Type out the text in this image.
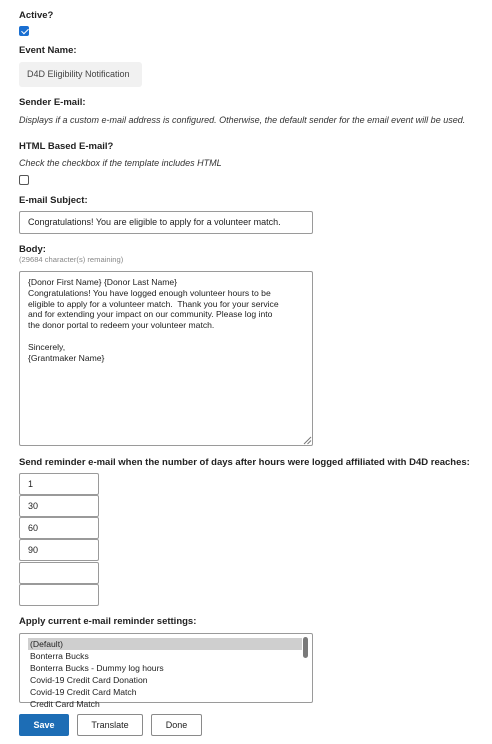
Active?
Event Name:
D4D Eligibility Notification
Sender E-mail:
Displays if a custom e-mail address is configured. Otherwise, the default sender for the email event will be used.
HTML Based E-mail?
Check the checkbox if the template includes HTML
E-mail Subject:
Congratulations! You are eligible to apply for a volunteer match.
Body:
(29684 character(s) remaining)
{Donor First Name} {Donor Last Name}
Congratulations! You have logged enough volunteer hours to be
eligible to apply for a volunteer match.  Thank you for your service
and for extending your impact on our community. Please log into
the donor portal to redeem your volunteer match.
Sincerely,
{Grantmaker Name}
Send reminder e-mail when the number of days after hours were logged affiliated with D4D reaches:
1
30
60
90
Apply current e-mail reminder settings:
(Default)
Bonterra Bucks
Bonterra Bucks - Dummy log hours
Covid-19 Credit Card Donation
Covid-19 Credit Card Match
Credit Card Match
Save	Translate	Done
